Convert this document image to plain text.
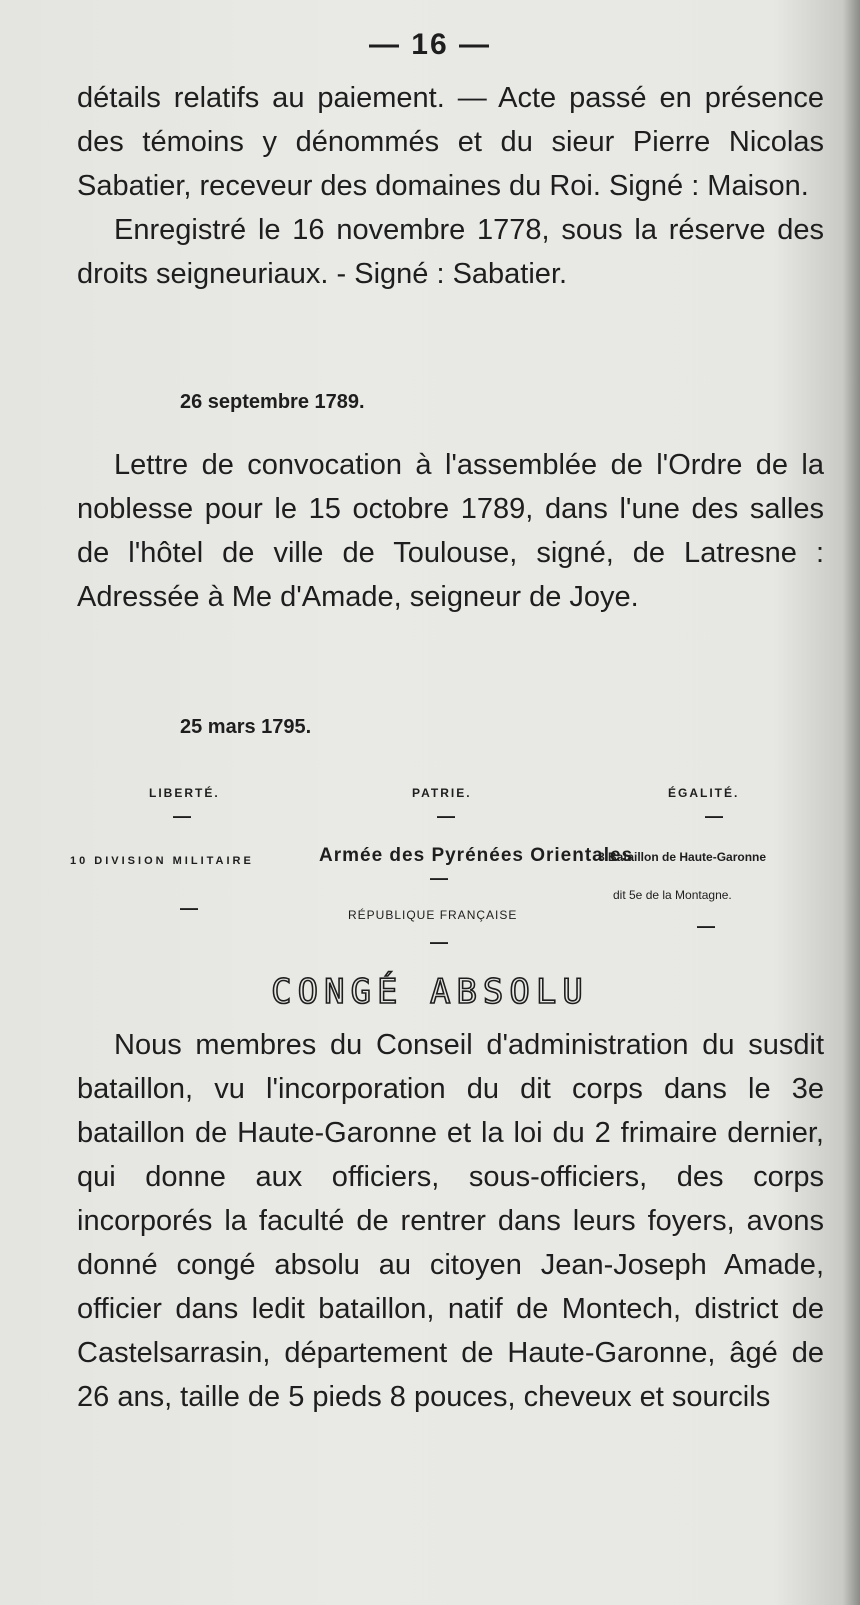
— 16 —
détails relatifs au paiement. — Acte passé en présence des témoins y dénommés et du sieur Pierre Nicolas Sabatier, receveur des domaines du Roi. Signé : Maison.
Enregistré le 16 novembre 1778, sous la réserve des droits seigneuriaux. - Signé : Sabatier.
26 septembre 1789.
Lettre de convocation à l'assemblée de l'Ordre de la noblesse pour le 15 octobre 1789, dans l'une des salles de l'hôtel de ville de Toulouse, signé, de Latresne : Adressée à Me d'Amade, seigneur de Joye.
25 mars 1795.
LIBERTÉ.	PATRIE.	ÉGALITÉ.
—	—	—
10 DIVISION MILITAIRE	Armée des Pyrénées Orientales
8 Bataillon de Haute-Garonne
—
dit 5e de la Montagne.
—	RÉPUBLIQUE FRANÇAISE
—
—
CONGÉ ABSOLU
Nous membres du Conseil d'administration du susdit bataillon, vu l'incorporation du dit corps dans le 3e bataillon de Haute-Garonne et la loi du 2 frimaire dernier, qui donne aux officiers, sous-officiers, des corps incorporés la faculté de rentrer dans leurs foyers, avons donné congé absolu au citoyen Jean-Joseph Amade, officier dans ledit bataillon, natif de Montech, district de Castelsarrasin, département de Haute-Garonne, âgé de 26 ans, taille de 5 pieds 8 pouces, cheveux et sourcils
